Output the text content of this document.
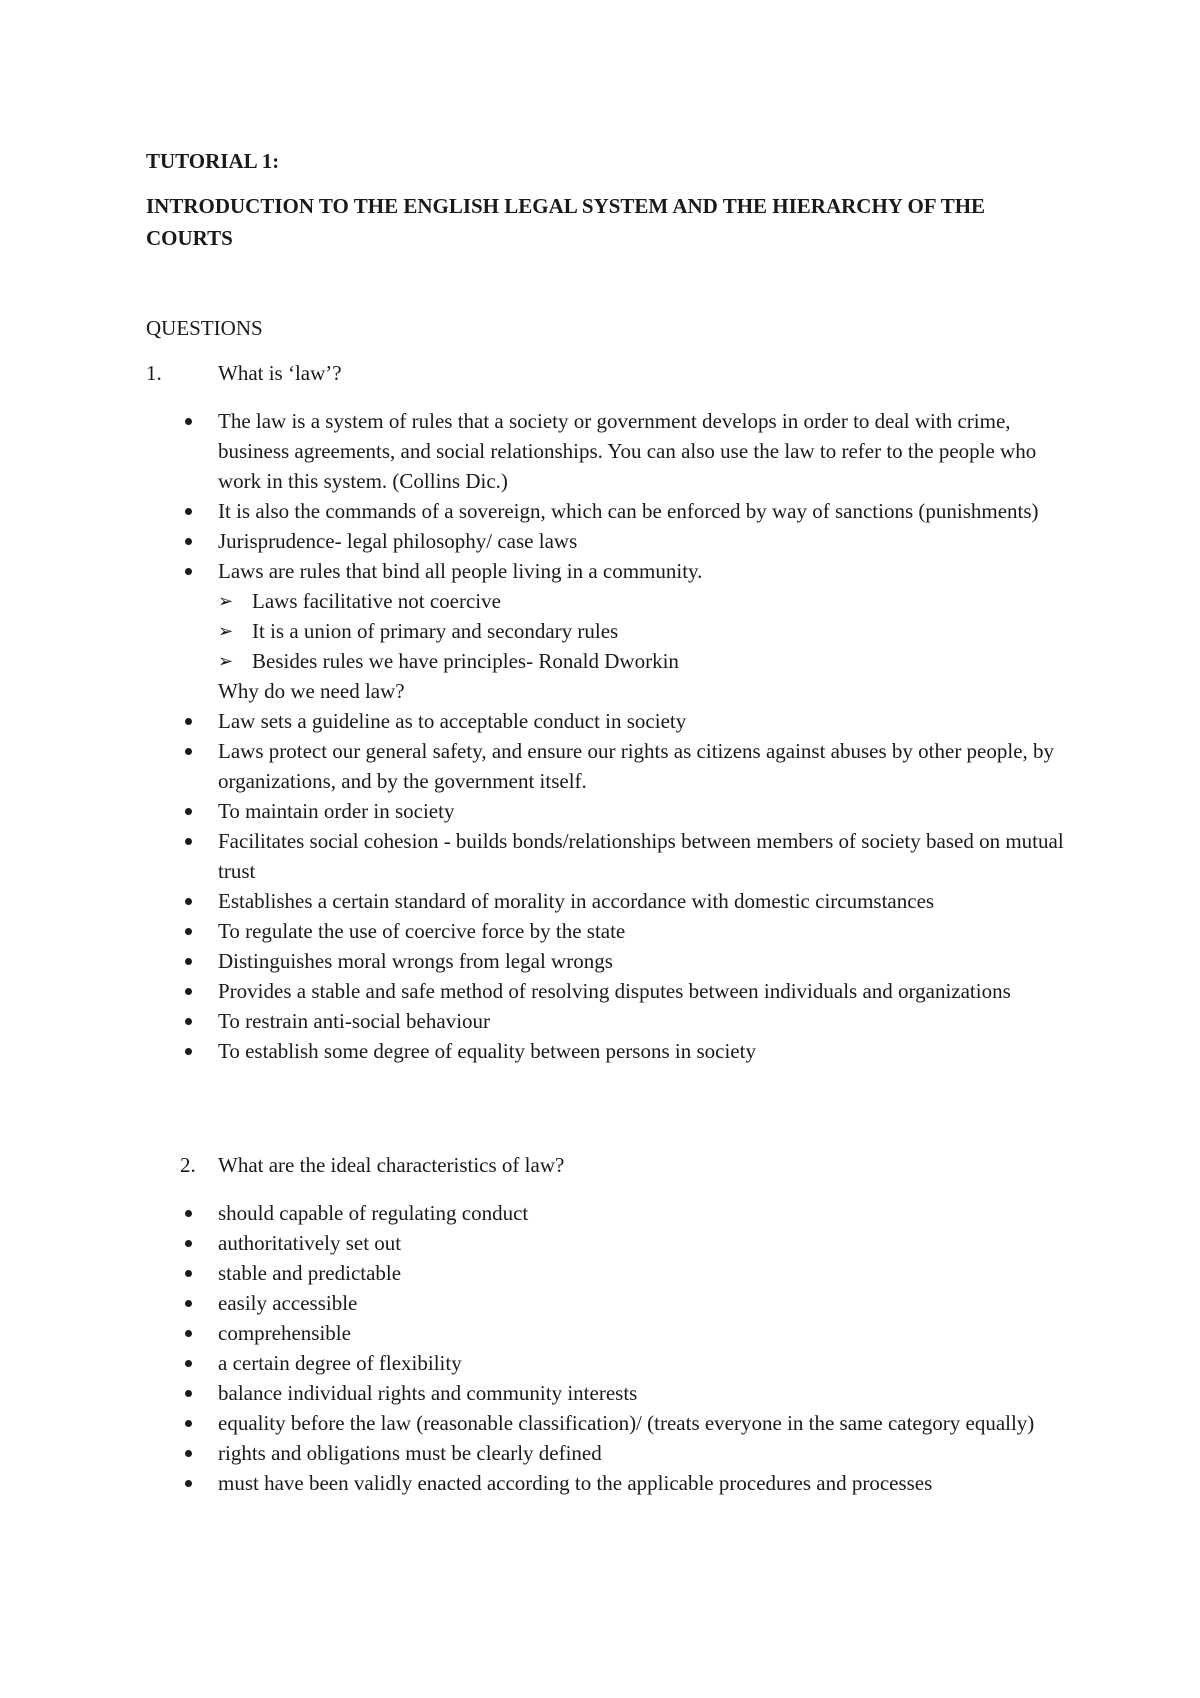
TUTORIAL 1:

INTRODUCTION TO THE ENGLISH LEGAL SYSTEM AND THE HIERARCHY OF THE COURTS

QUESTIONS

1.	What is ‘law’?
The law is a system of rules that a society or government develops in order to deal with crime, business agreements, and social relationships. You can also use the law to refer to the people who work in this system. (Collins Dic.)
It is also the commands of a sovereign, which can be enforced by way of sanctions (punishments)
Jurisprudence- legal philosophy/ case laws
Laws are rules that bind all people living in a community.
➢ Laws facilitative not coercive
➢ It is a union of primary and secondary rules
➢ Besides rules we have principles- Ronald Dworkin

Why do we need law?

Law sets a guideline as to acceptable conduct in society
Laws protect our general safety, and ensure our rights as citizens against abuses by other people, by organizations, and by the government itself.
To maintain order in society
Facilitates social cohesion - builds bonds/relationships between members of society based on mutual trust
Establishes a certain standard of morality in accordance with domestic circumstances
To regulate the use of coercive force by the state
Distinguishes moral wrongs from legal wrongs
Provides a stable and safe method of resolving disputes between individuals and organizations
To restrain anti-social behaviour
To establish some degree of equality between persons in society
2. What are the ideal characteristics of law?
should capable of regulating conduct
authoritatively set out
stable and predictable
easily accessible
comprehensible
a certain degree of flexibility
balance individual rights and community interests
equality before the law (reasonable classification)/ (treats everyone in the same category equally)
rights and obligations must be clearly defined
must have been validly enacted according to the applicable procedures and processes
